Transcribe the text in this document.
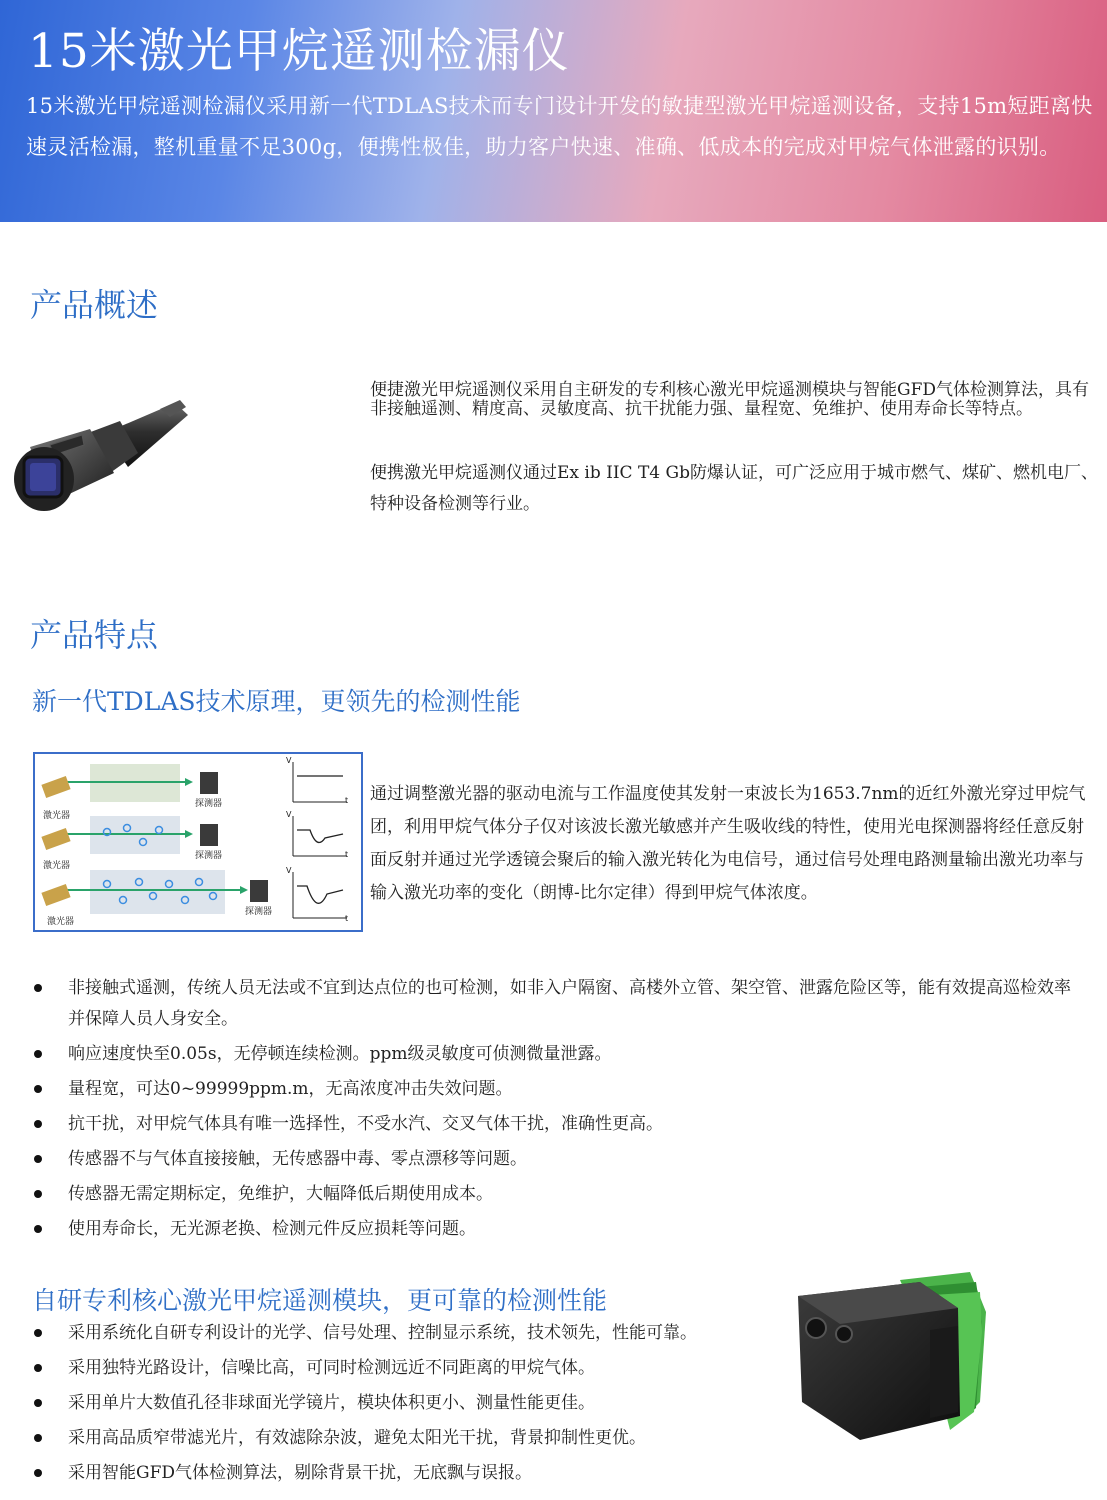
15米激光甲烷遥测检漏仪

15米激光甲烷遥测检漏仪采用新一代TDLAS技术而专门设计开发的敏捷型激光甲烷遥测设备，支持15m短距离快速灵活检漏，整机重量不足300g，便携性极佳，助力客户快速、准确、低成本的完成对甲烷气体泄露的识别。

产品概述

便捷激光甲烷遥测仪采用自主研发的专利核心激光甲烷遥测模块与智能GFD气体检测算法，具有非接触遥测、精度高、灵敏度高、抗干扰能力强、量程宽、免维护、使用寿命长等特点。

便携激光甲烷遥测仪通过Ex ib IIC T4 Gb防爆认证，可广泛应用于城市燃气、煤矿、燃机电厂、特种设备检测等行业。

产品特点
新一代TDLAS技术原理，更领先的检测性能
激光器
激光器
激光器
探测器
探测器
探测器
V
t
V
t
V
t

通过调整激光器的驱动电流与工作温度使其发射一束波长为1653.7nm的近红外激光穿过甲烷气团，利用甲烷气体分子仅对该波长激光敏感并产生吸收线的特性，使用光电探测器将经任意反射面反射并通过光学透镜会聚后的输入激光转化为电信号，通过信号处理电路测量输出激光功率与输入激光功率的变化（朗博-比尔定律）得到甲烷气体浓度。

非接触式遥测，传统人员无法或不宜到达点位的也可检测，如非入户隔窗、高楼外立管、架空管、泄露危险区等，能有效提高巡检效率并保障人员人身安全。
响应速度快至0.05s，无停顿连续检测。ppm级灵敏度可侦测微量泄露。
量程宽，可达0~99999ppm.m，无高浓度冲击失效问题。
抗干扰，对甲烷气体具有唯一选择性，不受水汽、交叉气体干扰，准确性更高。
传感器不与气体直接接触，无传感器中毒、零点漂移等问题。
传感器无需定期标定，免维护，大幅降低后期使用成本。
使用寿命长，无光源老换、检测元件反应损耗等问题。
自研专利核心激光甲烷遥测模块，更可靠的检测性能
采用系统化自研专利设计的光学、信号处理、控制显示系统，技术领先，性能可靠。
采用独特光路设计，信噪比高，可同时检测远近不同距离的甲烷气体。
采用单片大数值孔径非球面光学镜片，模块体积更小、测量性能更佳。
采用高品质窄带滤光片，有效滤除杂波，避免太阳光干扰，背景抑制性更优。
采用智能GFD气体检测算法，剔除背景干扰，无底飘与误报。
